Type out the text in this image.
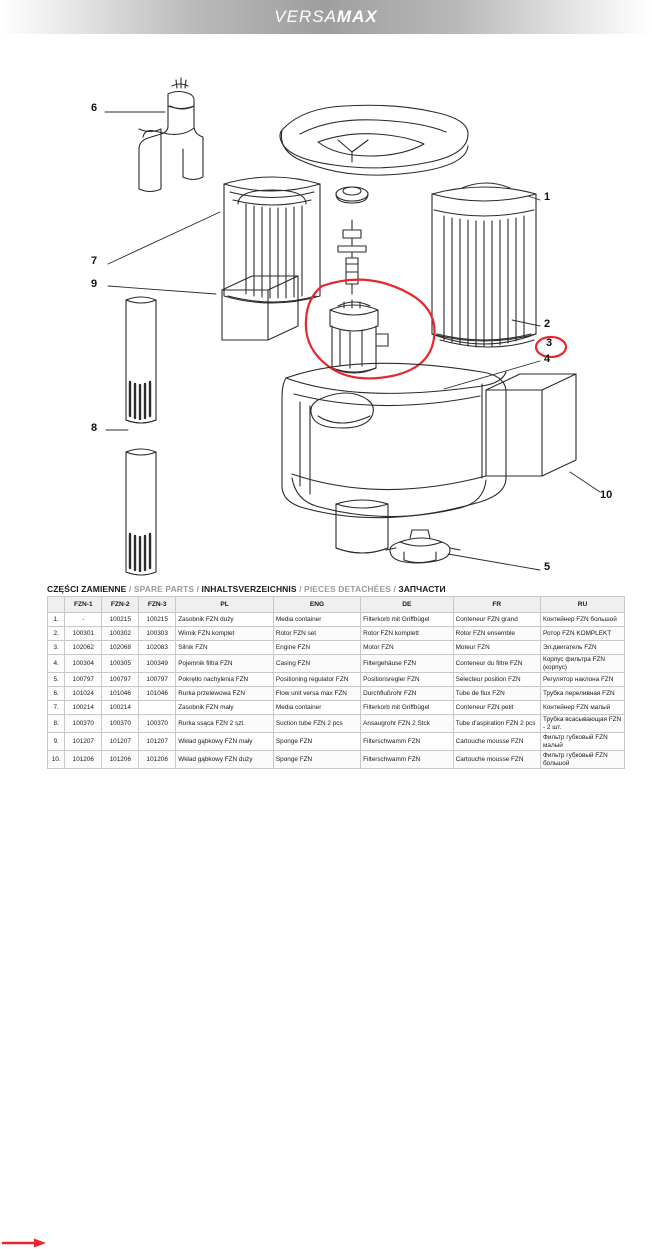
VERSAMAX
6
1
7
9
2
3
4
8
10
5
CZĘŚCI ZAMIENNE / SPARE PARTS / INHALTSVERZEICHNIS / PIECES DETACHÉES / ЗАПЧАСТИ
	FZN-1	FZN-2	FZN-3	PL	ENG	DE	FR	RU
1.	-	100215	100215	Zasobnik FZN duży	Media container	Filterkorb mit Griffbügel	Conteneur FZN grand	Контейнер FZN большой
2.	100301	100302	100303	Wirnik FZN komplet	Rotor FZN set	Rotor FZN komplett	Rotor FZN ensemble	Ротор FZN KOMPLEKT
3.	102062	102068	102083	Silnik FZN	Engine FZN	Motor FZN	Moteur FZN	Эл.двигатель FZN
4.	100304	100305	100349	Pojemnik filtra FZN	Casing FZN	Filtergehäuse FZN	Conteneur du filtre FZN	Корпус фильтра FZN (корпус)
5.	100797	100797	100797	Pokrętło nachylenia FZN	Positioning regulator FZN	Positionsregler FZN	Selecteur position FZN	Регулятор наклона FZN
6.	101024	101046	101046	Rurka przelewowa FZN	Flow unit versa max FZN	Durchflußrohr FZN	Tube de flux FZN	Трубка переливная FZN
7.	100214	100214		Zasobnik FZN mały	Media container	Filterkorb mit Griffbügel	Conteneur FZN petit	Контейнер FZN малый
8.	100370	100370	100370	Rurka ssąca FZN 2 szt.	Suction tube FZN 2 pcs	Ansaugrohr FZN 2 Stck	Tube d'aspiration FZN 2 pcs	Трубка всасывающая FZN - 2 шт.
9.	101207	101207	101207	Wkład gąbkowy FZN mały	Sponge FZN	Filterschwamm FZN	Cartouche mousse FZN	Фильтр губковый FZN малый
10.	101206	101206	101206	Wkład gąbkowy FZN duży	Sponge FZN	Filterschwamm FZN	Cartouche mousse FZN	Фильтр губковый FZN большой
